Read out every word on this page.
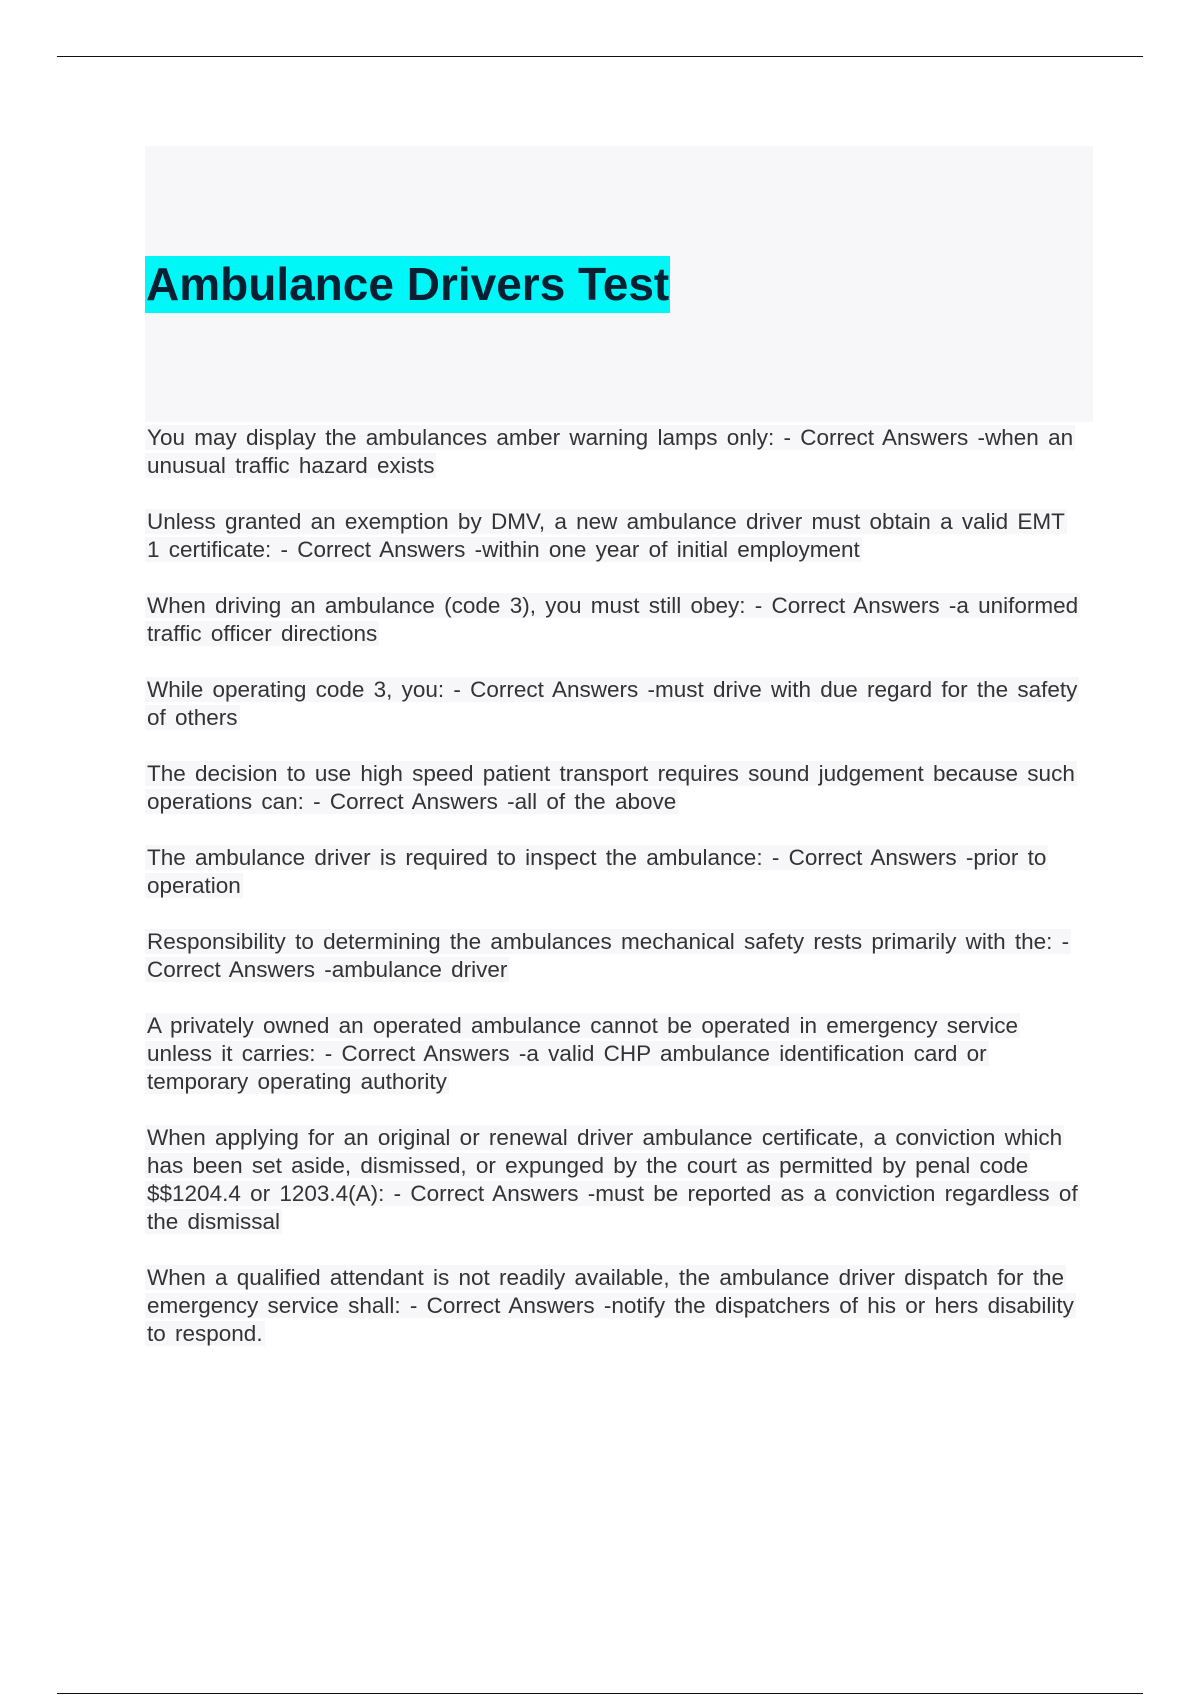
Ambulance Drivers Test

You may display the ambulances amber warning lamps only: - Correct Answers -when an unusual traffic hazard exists

Unless granted an exemption by DMV, a new ambulance driver must obtain a valid EMT 1 certificate: - Correct Answers -within one year of initial employment

When driving an ambulance (code 3), you must still obey: - Correct Answers -a uniformed traffic officer directions

While operating code 3, you: - Correct Answers -must drive with due regard for the safety of others

The decision to use high speed patient transport requires sound judgement because such operations can: - Correct Answers -all of the above

The ambulance driver is required to inspect the ambulance: - Correct Answers -prior to operation

Responsibility to determining the ambulances mechanical safety rests primarily with the: - Correct Answers -ambulance driver

A privately owned an operated ambulance cannot be operated in emergency service unless it carries: - Correct Answers -a valid CHP ambulance identification card or temporary operating authority

When applying for an original or renewal driver ambulance certificate, a conviction which has been set aside, dismissed, or expunged by the court as permitted by penal code $$1204.4 or 1203.4(A): - Correct Answers -must be reported as a conviction regardless of the dismissal

When a qualified attendant is not readily available, the ambulance driver dispatch for the emergency service shall: - Correct Answers -notify the dispatchers of his or hers disability to respond.
